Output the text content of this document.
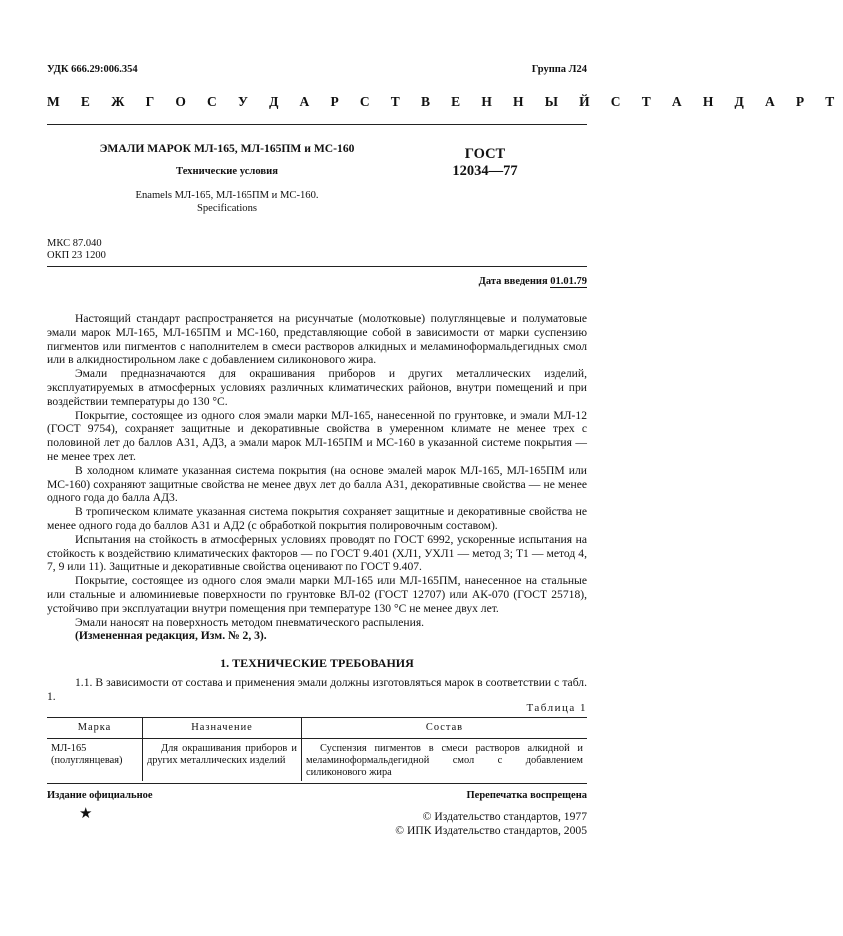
УДК 666.29:006.354	Группа Л24
М Е Ж Г О С У Д А Р С Т В Е Н Н Ы Й С Т А Н Д А Р Т
ЭМАЛИ МАРОК МЛ-165, МЛ-165ПМ и МС-160
Технические условия
Enamels МЛ-165, МЛ-165ПМ и МС-160.
Specifications
ГОСТ
12034—77
МКС 87.040
ОКП 23 1200
Дата введения 01.01.79

Настоящий стандарт распространяется на рисунчатые (молотковые) полуглянцевые и полуматовые эмали марок МЛ-165, МЛ-165ПМ и МС-160, представляющие собой в зависимости от марки суспензию пигментов или пигментов с наполнителем в смеси растворов алкидных и меламиноформальдегидных смол или в алкидностирольном лаке с добавлением силиконового жира.

Эмали предназначаются для окрашивания приборов и других металлических изделий, эксплуатируемых в атмосферных условиях различных климатических районов, внутри помещений и при воздействии температуры до 130 °С.

Покрытие, состоящее из одного слоя эмали марки МЛ-165, нанесенной по грунтовке, и эмали МЛ-12 (ГОСТ 9754), сохраняет защитные и декоративные свойства в умеренном климате не менее трех с половиной лет до баллов А31, АД3, а эмали марок МЛ-165ПМ и МС-160 в указанной системе покрытия — не менее трех лет.

В холодном климате указанная система покрытия (на основе эмалей марок МЛ-165, МЛ-165ПМ или МС-160) сохраняют защитные свойства не менее двух лет до балла А31, декоративные свойства — не менее одного года до балла АД3.

В тропическом климате указанная система покрытия сохраняет защитные и декоративные свойства не менее одного года до баллов А31 и АД2 (с обработкой покрытия полировочным составом).

Испытания на стойкость в атмосферных условиях проводят по ГОСТ 6992, ускоренные испытания на стойкость к воздействию климатических факторов — по ГОСТ 9.401 (ХЛ1, УХЛ1 — метод 3; Т1 — метод 4, 7, 9 или 11). Защитные и декоративные свойства оценивают по ГОСТ 9.407.

Покрытие, состоящее из одного слоя эмали марки МЛ-165 или МЛ-165ПМ, нанесенное на стальные или стальные и алюминиевые поверхности по грунтовке ВЛ-02 (ГОСТ 12707) или АК-070 (ГОСТ 25718), устойчиво при эксплуатации внутри помещения при температуре 130 °С не менее двух лет.

Эмали наносят на поверхность методом пневматического распыления.

(Измененная редакция, Изм. № 2, 3).

1. ТЕХНИЧЕСКИЕ ТРЕБОВАНИЯ

1.1. В зависимости от состава и применения эмали должны изготовляться марок в соответствии с табл. 1.

Таблица 1
Марка	Назначение	Состав
МЛ-165 (полуглянцевая)	Для окрашивания приборов и других металлических изделий	Суспензия пигментов в смеси растворов алкидной и меламиноформальдегидной смол с добавлением силиконового жира
Издание официальное	Перепечатка воспрещена
★	© Издательство стандартов, 1977
© ИПК Издательство стандартов, 2005
